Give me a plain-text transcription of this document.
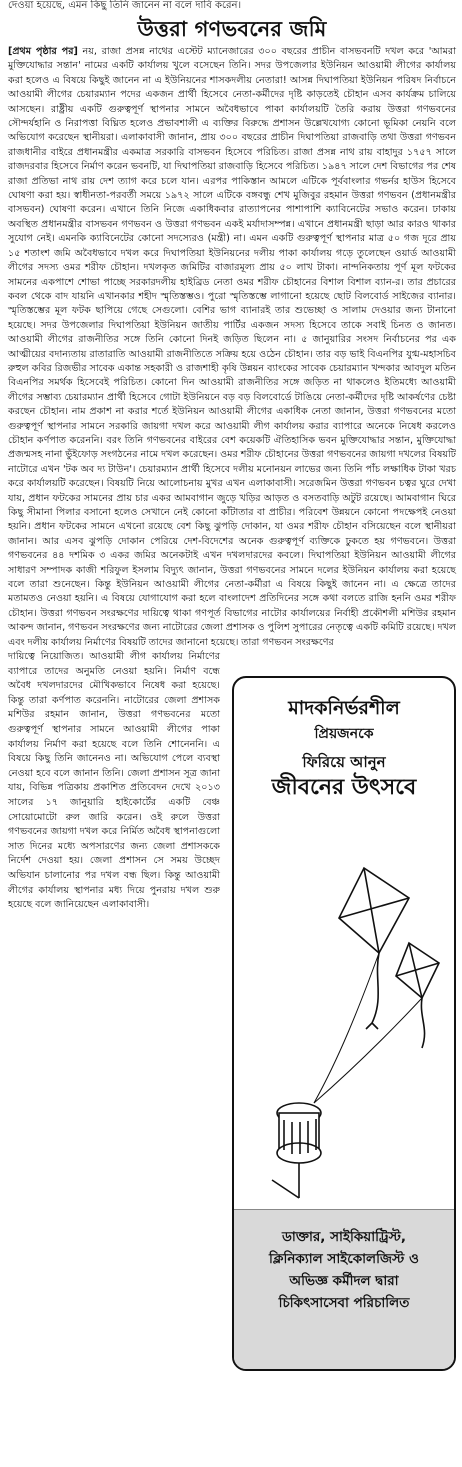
দেওয়া হয়েছে, এমন কিছু তিনি জানেন না বলে দাবি করেন।
উত্তরা গণভবনের জমি

[প্রথম পৃষ্ঠার পর] নয়, রাজা প্রসন্ন নাথের এস্টেট ম্যানেজারের ৩০০ বছরের প্রাচীন বাসভবনটি দখল করে 'আমরা মুক্তিযোদ্ধার সন্তান' নামের একটি কার্যালয় খুলে বসেছেন তিনি। সদর উপজেলার ইউনিয়ন আওয়ামী লীগের কার্যালয় করা হলেও এ বিষয়ে কিছুই জানেন না এ ইউনিয়নের শাসকদলীয় নেতারা! আসন্ন দিঘাপতিয়া ইউনিয়ন পরিষদ নির্বাচনে আওয়ামী লীগের চেয়ারম্যান পদের একজন প্রার্থী হিসেবে নেতা-কর্মীদের দৃষ্টি কাড়তেই চৌহান এসব কার্যক্রম চালিয়ে আসছেন। রাষ্ট্রীয় একটি গুরুত্বপূর্ণ স্থাপনার সামনে অবৈধভাবে পাকা কার্যালয়টি তৈরি করায় উত্তরা গণভবনের সৌন্দর্যহানি ও নিরাপত্তা বিঘ্নিত হলেও প্রভাবশালী এ ব্যক্তির বিরুদ্ধে প্রশাসন উল্লেখযোগ্য কোনো ভূমিকা নেয়নি বলে অভিযোগ করেছেন স্থানীয়রা। এলাকাবাসী জানান, প্রায় ৩০০ বছরের প্রাচীন দিঘাপতিয়া রাজবাড়ি তথা উত্তরা গণভবন রাজধানীর বাইরে প্রধানমন্ত্রীর একমাত্র সরকারি বাসভবন হিসেবে পরিচিত। রাজা প্রসন্ন নাথ রায় বাহাদুর ১৭৫৭ সালে রাজদরবার হিসেবে নির্মাণ করেন ভবনটি, যা দিঘাপতিয়া রাজবাড়ি হিসেবে পরিচিত। ১৯৪৭ সালে দেশ বিভাগের পর শেষ রাজা প্রতিভা নাথ রায় দেশ ত্যাগ করে চলে যান। এরপর পাকিস্তান আমলে এটিকে পূর্ববাংলার গভর্নর হাউস হিসেবে ঘোষণা করা হয়। স্বাধীনতা-পরবর্তী সময়ে ১৯৭২ সালে এটিকে বঙ্গবন্ধু শেখ মুজিবুর রহমান উত্তরা গণভবন (প্রধানমন্ত্রীর বাসভবন) ঘোষণা করেন। এখানে তিনি নিজে একাধিকবার রাত্যাপনের পাশাপাশি ক্যাবিনেটের সভাও করেন। ঢাকায় অবস্থিত প্রধানমন্ত্রীর বাসভবন গণভবন ও উত্তরা গণভবন একই মর্যাদাসম্পন্ন। এখানে প্রধানমন্ত্রী ছাড়া আর কারও থাকার সুযোগ নেই। এমনকি ক্যাবিনেটের কোনো সদস্যেরও (মন্ত্রী) না। এমন একটি গুরুত্বপূর্ণ স্থাপনার মাত্র ৫০ গজ দূরে প্রায় ১৫ শতাংশ জমি অবৈধভাবে দখল করে দিঘাপতিয়া ইউনিয়নের দলীয় পাকা কার্যালয় গড়ে তুলেছেন ওয়ার্ড আওয়ামী লীগের সদস্য ওমর শরীফ চৌহান। দখলকৃত জমিটির বাজারমূল্য প্রায় ৫০ লাখ টাকা। নান্দনিকতায় পূর্ণ মূল ফটকের সামনের একপাশে শোভা পাচ্ছে সরকারদলীয় হাইব্রিড নেতা ওমর শরীফ চৌহানের বিশাল বিশাল ব্যান-র। তার প্রচারের কবল থেকে বাদ যায়নি এখানকার শহীদ স্মৃতিস্তম্ভও। পুরো স্মৃতিস্তম্ভে লাগানো হয়েছে ছোট বিলবোর্ড সাইজের ব্যানার। স্মৃতিস্তম্ভের মূল ফটক ছাপিয়ে গেছে সেগুলো। বেশির ভাগ ব্যানারই তার শুভেচ্ছা ও সালাম দেওয়ার জন্য টানানো হয়েছে। সদর উপজেলার দিঘাপতিয়া ইউনিয়ন জাতীয় পার্টির একজন সদস্য হিসেবে তাকে সবাই চিনত ও জানত। আওয়ামী লীগের রাজনীতির সঙ্গে তিনি কোনো দিনই জড়িত ছিলেন না। ৫ জানুয়ারির সংসদ নির্বাচনের পর এক আত্মীয়ের বদান্যতায় রাতারাতি আওয়ামী রাজনীতিতে সক্রিয় হয়ে ওঠেন চৌহান। তার বড় ভাই বিএনপির যুগ্ম-মহাসচিব রুহুল কবির রিজভীর সাবেক একান্ত সহকারী ও রাজশাহী কৃষি উন্নয়ন ব্যাংকের সাবেক চেয়ারম্যান খন্দকার আবদুল মতিন বিএনপির সমর্থক হিসেবেই পরিচিত। কোনো দিন আওয়ামী রাজনীতির সঙ্গে জড়িত না থাকলেও ইতিমধ্যে আওয়ামী লীগের সম্ভাব্য চেয়ারম্যান প্রার্থী হিসেবে গোটা ইউনিয়নে বড় বড় বিলবোর্ডে টাঙিয়ে নেতা-কর্মীদের দৃষ্টি আকর্ষণের চেষ্টা করছেন চৌহান। নাম প্রকাশ না করার শর্তে ইউনিয়ন আওয়ামী লীগের একাধিক নেতা জানান, উত্তরা গণভবনের মতো গুরুত্বপূর্ণ স্থাপনার সামনে সরকারি জায়গা দখল করে আওয়ামী লীগ কার্যালয় করার ব্যাপারে অনেকে নিষেধ করলেও চৌহান কর্ণপাত করেননি। বরং তিনি গণভবনের বাইরের বেশ কয়েকটি ঐতিহাসিক ভবন মুক্তিযোদ্ধার সন্তান, মুক্তিযোদ্ধা প্রজন্মসহ নানা ভুঁইফোড় সংগঠনের নামে দখল করেছেন। ওমর শরীফ চৌহানের উত্তরা গণভবনের জায়গা দখলের বিষয়টি নাটোরে এখন 'টক অব দ্য টাউন'। চেয়ারম্যান প্রার্থী হিসেবে দলীয় মনোনয়ন লাভের জন্য তিনি পাঁচ লক্ষাধিক টাকা খরচ করে কার্যালয়টি করেছেন। বিষয়টি নিয়ে আলোচনায় মুখর এখন এলাকাবাসী। সরেজমিন উত্তরা গণভবন চত্বর ঘুরে দেখা যায়, প্রধান ফটকের সামনের প্রায় চার একর আমবাগান জুড়ে খড়ির আড়ত ও বসতবাড়ি অটুট রয়েছে। আমবাগান ঘিরে কিছু সীমানা পিলার বসানো হলেও সেখানে নেই কোনো কাঁটাতার বা প্রাচীর। পরিবেশ উন্নয়নে কোনো পদক্ষেপই নেওয়া হয়নি। প্রধান ফটকের সামনে এখনো রয়েছে বেশ কিছু ঝুপড়ি দোকান, যা ওমর শরীফ চৌহান বসিয়েছেন বলে স্থানীয়রা জানান। আর এসব ঝুপড়ি দোকান পেরিয়ে দেশ-বিদেশের অনেক গুরুত্বপূর্ণ ব্যক্তিকে ঢুকতে হয় গণভবনে। উত্তরা গণভবনের ৪৪ দশমিক ৩ একর জমির অনেকটাই এখন দখলদারদের কবলে। দিঘাপতিয়া ইউনিয়ন আওয়ামী লীগের সাধারণ সম্পাদক কাজী শরিফুল ইসলাম বিদ্যুৎ জানান, উত্তরা গণভবনের সামনে দলের ইউনিয়ন কার্যালয় করা হয়েছে বলে তারা শুনেছেন। কিন্তু ইউনিয়ন আওয়ামী লীগের নেতা-কর্মীরা এ বিষয়ে কিছুই জানেন না। এ ক্ষেত্রে তাদের মতামতও নেওয়া হয়নি। এ বিষয়ে যোগাযোগ করা হলে বাংলাদেশ প্রতিদিনের সঙ্গে কথা বলতে রাজি হননি ওমর শরীফ চৌহান। উত্তরা গণভবন সংরক্ষণের দায়িত্বে থাকা গণপূর্ত বিভাগের নাটোর কার্যালয়ের নির্বাহী প্রকৌশলী মশিউর রহমান আকন্দ জানান, গণভবন সংরক্ষণের জন্য নাটোরের জেলা প্রশাসক ও পুলিশ সুপারের নেতৃত্বে একটি কমিটি রয়েছে। দখল এবং দলীয় কার্যালয় নির্মাণের বিষয়টি তাদের জানানো হয়েছে। তারা গণভবন সংরক্ষণের

দায়িত্বে নিয়োজিত। আওয়ামী লীগ কার্যালয় নির্মাণের ব্যাপারে তাদের অনুমতি নেওয়া হয়নি। নির্মাণ বন্ধে অবৈধ দখলদারদের মৌখিকভাবে নিষেধ করা হয়েছে। কিন্তু তারা কর্ণপাত করেননি। নাটোরের জেলা প্রশাসক মশিউর রহমান জানান, উত্তরা গণভবনের মতো গুরুত্বপূর্ণ স্থাপনার সামনে আওয়ামী লীগের পাকা কার্যালয় নির্মাণ করা হয়েছে বলে তিনি শোনেননি। এ বিষয়ে কিছু তিনি জানেনও না। অভিযোগ পেলে ব্যবস্থা নেওয়া হবে বলে জানান তিনি। জেলা প্রশাসন সূত্র জানা যায়, বিভিন্ন পত্রিকায় প্রকাশিত প্রতিবেদন দেখে ২০১৩ সালের ১৭ জানুয়ারি হাইকোর্টের একটি বেঞ্চ সোয়োমোটো রুল জারি করেন। ওই রুলে উত্তরা গণভবনের জায়গা দখল করে নির্মিত অবৈধ স্থাপনাগুলো সাত দিনের মধ্যে অপসারণের জন্য জেলা প্রশাসককে নির্দেশ দেওয়া হয়। জেলা প্রশাসন সে সময় উচ্ছেদ অভিযান চালানোর পর দখল বন্ধ ছিল। কিন্তু আওয়ামী লীগের কার্যালয় স্থাপনার মধ্য দিয়ে পুনরায় দখল শুরু হয়েছে বলে জানিয়েছেন এলাকাবাসী।

মাদকনির্ভরশীল
প্রিয়জনকে
ফিরিয়ে আনুন
জীবনের উৎসবে
ডাক্তার, সাইকিয়াট্রিস্ট,
ক্লিনিক্যাল সাইকোলজিস্ট ও
অভিজ্ঞ কর্মীদল দ্বারা
চিকিৎসাসেবা পরিচালিত
